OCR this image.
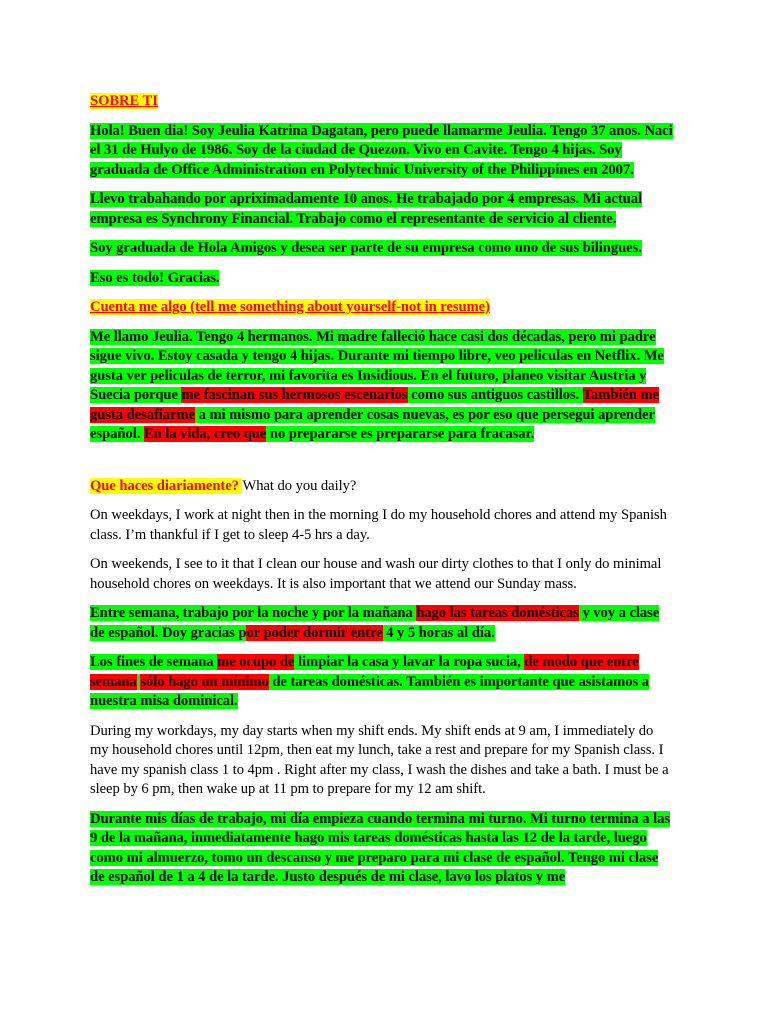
SOBRE TI

Hola! Buen dia! Soy Jeulia Katrina Dagatan, pero puede llamarme Jeulia. Tengo 37 anos. Naci el 31 de Hulyo de 1986. Soy de la ciudad de Quezon. Vivo en Cavite. Tengo 4 hijas. Soy graduada de Office Administration en Polytechnic University of the Philippines en 2007.

Llevo trabahando por apriximadamente 10 anos. He trabajado por 4 empresas. Mi actual empresa es Synchrony Financial. Trabajo como el representante de servicio al cliente.

Soy graduada de Hola Amigos y desea ser parte de su empresa como uno de sus bilingues.

Eso es todo! Gracias.

Cuenta me algo (tell me something about yourself-not in resume)

Me llamo Jeulia. Tengo 4 hermanos. Mi madre falleció hace casi dos décadas, pero mi padre sigue vivo. Estoy casada y tengo 4 hijas. Durante mi tiempo libre, veo peliculas en Netflix. Me gusta ver peliculas de terror, mi favorita es Insidious. En el futuro, planeo visitar Austria y Suecia porque me fascinan sus hermosos escenarios como sus antiguos castillos. También me gusta desafiarme a mi mismo para aprender cosas nuevas, es por eso que persegui aprender español. En la vida, creo que no prepararse es prepararse para fracasar.

Que haces diariamente? What do you daily?

On weekdays, I work at night then in the morning I do my household chores and attend my Spanish class. I’m thankful if I get to sleep 4-5 hrs a day.

On weekends, I see to it that I clean our house and wash our dirty clothes to that I only do minimal household chores on weekdays. It is also important that we attend our Sunday mass.

Entre semana, trabajo por la noche y por la mañana hago las tareas domésticas y voy a clase de español. Doy gracias por poder dormir entre 4 y 5 horas al día.

Los fines de semana me ocupo de limpiar la casa y lavar la ropa sucia, de modo que entre semana sólo hago un mínimo de tareas domésticas. También es importante que asistamos a nuestra misa dominical.

During my workdays, my day starts when my shift ends. My shift ends at 9 am, I immediately do my household chores until 12pm, then eat my lunch, take a rest and prepare for my Spanish class. I have my spanish class 1 to 4pm . Right after my class, I wash the dishes and take a bath. I must be a sleep by 6 pm, then wake up at 11 pm to prepare for my 12 am shift.

Durante mis días de trabajo, mi día empieza cuando termina mi turno. Mi turno termina a las 9 de la mañana, inmediatamente hago mis tareas domésticas hasta las 12 de la tarde, luego como mi almuerzo, tomo un descanso y me preparo para mi clase de español. Tengo mi clase de español de 1 a 4 de la tarde. Justo después de mi clase, lavo los platos y me
